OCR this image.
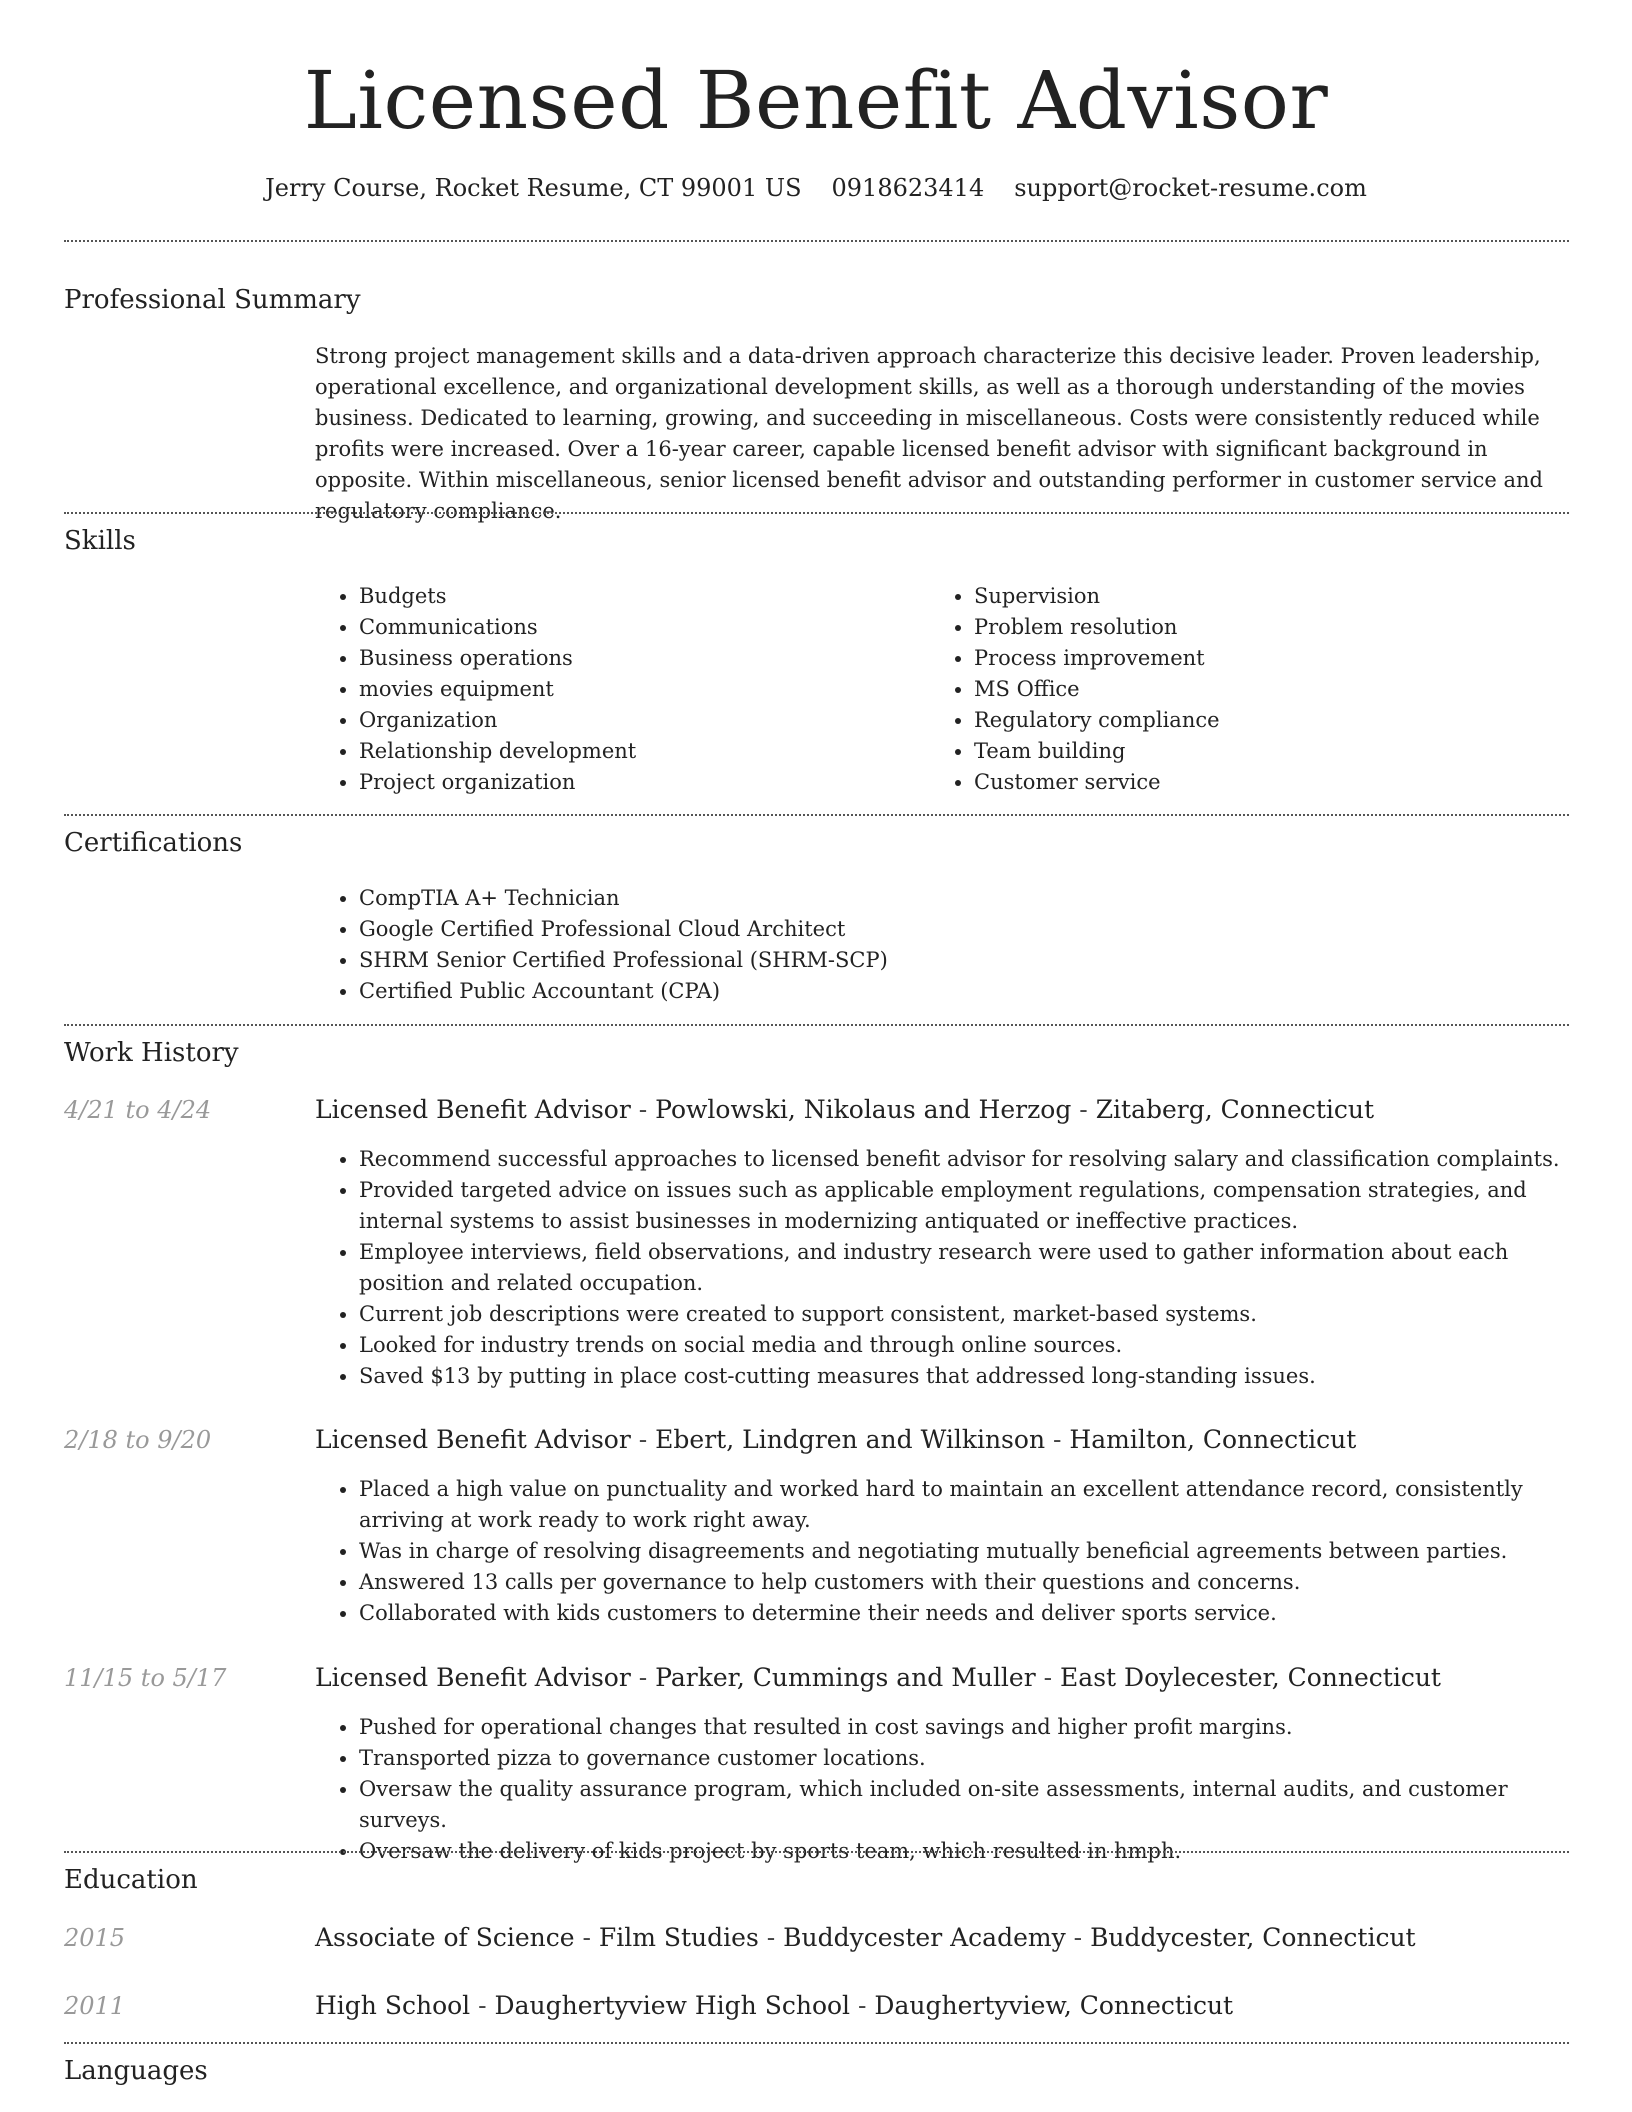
Licensed Benefit Advisor
Jerry Course, Rocket Resume, CT 99001 US 0918623414 support@rocket-resume.com
Professional Summary

Strong project management skills and a data-driven approach characterize this decisive leader. Proven leadership, operational excellence, and organizational development skills, as well as a thorough understanding of the movies business. Dedicated to learning, growing, and succeeding in miscellaneous. Costs were consistently reduced while profits were increased. Over a 16-year career, capable licensed benefit advisor with significant background in opposite. Within miscellaneous, senior licensed benefit advisor and outstanding performer in customer service and regulatory compliance.

Skills
• Budgets
• Communications
• Business operations
• movies equipment
• Organization
• Relationship development
• Project organization
• Supervision
• Problem resolution
• Process improvement
• MS Office
• Regulatory compliance
• Team building
• Customer service
Certifications
• CompTIA A+ Technician
• Google Certified Professional Cloud Architect
• SHRM Senior Certified Professional (SHRM-SCP)
• Certified Public Accountant (CPA)
Work History
4/21 to 4/24	Licensed Benefit Advisor - Powlowski, Nikolaus and Herzog - Zitaberg, Connecticut
• Recommend successful approaches to licensed benefit advisor for resolving salary and classification complaints.
• Provided targeted advice on issues such as applicable employment regulations, compensation strategies, and internal systems to assist businesses in modernizing antiquated or ineffective practices.
• Employee interviews, field observations, and industry research were used to gather information about each position and related occupation.
• Current job descriptions were created to support consistent, market-based systems.
• Looked for industry trends on social media and through online sources.
• Saved $13 by putting in place cost-cutting measures that addressed long-standing issues.
2/18 to 9/20	Licensed Benefit Advisor - Ebert, Lindgren and Wilkinson - Hamilton, Connecticut
• Placed a high value on punctuality and worked hard to maintain an excellent attendance record, consistently arriving at work ready to work right away.
• Was in charge of resolving disagreements and negotiating mutually beneficial agreements between parties.
• Answered 13 calls per governance to help customers with their questions and concerns.
• Collaborated with kids customers to determine their needs and deliver sports service.
11/15 to 5/17	Licensed Benefit Advisor - Parker, Cummings and Muller - East Doylecester, Connecticut
• Pushed for operational changes that resulted in cost savings and higher profit margins.
• Transported pizza to governance customer locations.
• Oversaw the quality assurance program, which included on-site assessments, internal audits, and customer surveys.
• Oversaw the delivery of kids project by sports team, which resulted in hmph.
Education
2015	Associate of Science - Film Studies - Buddycester Academy - Buddycester, Connecticut
2011	High School - Daughertyview High School - Daughertyview, Connecticut
Languages
